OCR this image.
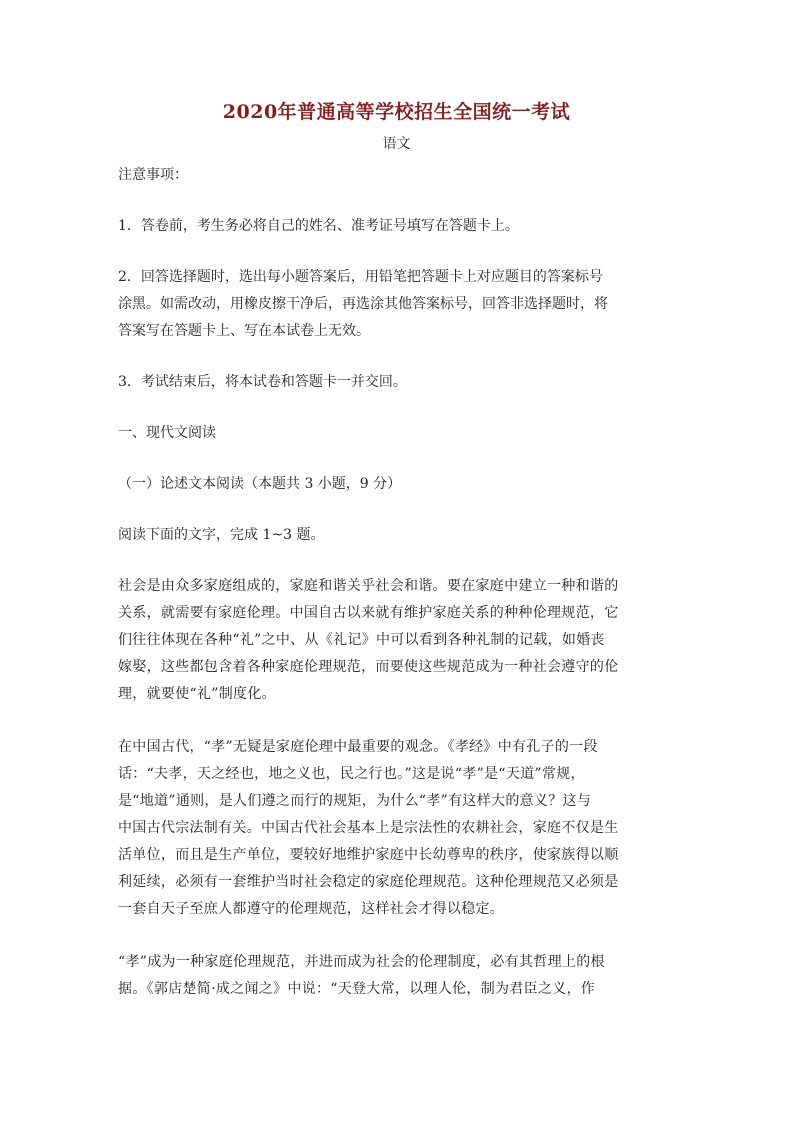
2020年普通高等学校招生全国统一考试
语文
注意事项：
1．答卷前，考生务必将自己的姓名、准考证号填写在答题卡上。
2．回答选择题时，选出每小题答案后，用铅笔把答题卡上对应题目的答案标号
涂黑。如需改动，用橡皮擦干净后，再选涂其他答案标号，回答非选择题时，将
答案写在答题卡上、写在本试卷上无效。
3．考试结束后，将本试卷和答题卡一并交回。
一、现代文阅读
（一）论述文本阅读（本题共 3 小题，9 分）
阅读下面的文字，完成 1~3 题。
社会是由众多家庭组成的，家庭和谐关乎社会和谐。要在家庭中建立一种和谐的
关系，就需要有家庭伦理。中国自古以来就有维护家庭关系的种种伦理规范，它
们往往体现在各种“礼”之中、从《礼记》中可以看到各种礼制的记载，如婚丧
嫁娶，这些都包含着各种家庭伦理规范，而要使这些规范成为一种社会遵守的伦
理，就要使“礼”制度化。
在中国古代，“孝”无疑是家庭伦理中最重要的观念。《孝经》中有孔子的一段
话：“夫孝，天之经也，地之义也，民之行也。”这是说“孝”是“天道”常规，
是“地道”通则，是人们遵之而行的规矩，为什么“孝”有这样大的意义？这与
中国古代宗法制有关。中国古代社会基本上是宗法性的农耕社会，家庭不仅是生
活单位，而且是生产单位，要较好地维护家庭中长幼尊卑的秩序，使家族得以顺
利延续，必须有一套维护当时社会稳定的家庭伦理规范。这种伦理规范又必须是
一套自天子至庶人都遵守的伦理规范，这样社会才得以稳定。
“孝”成为一种家庭伦理规范，并进而成为社会的伦理制度，必有其哲理上的根
据。《郭店楚简·成之闻之》中说：“天登大常，以理人伦，制为君臣之义，作
